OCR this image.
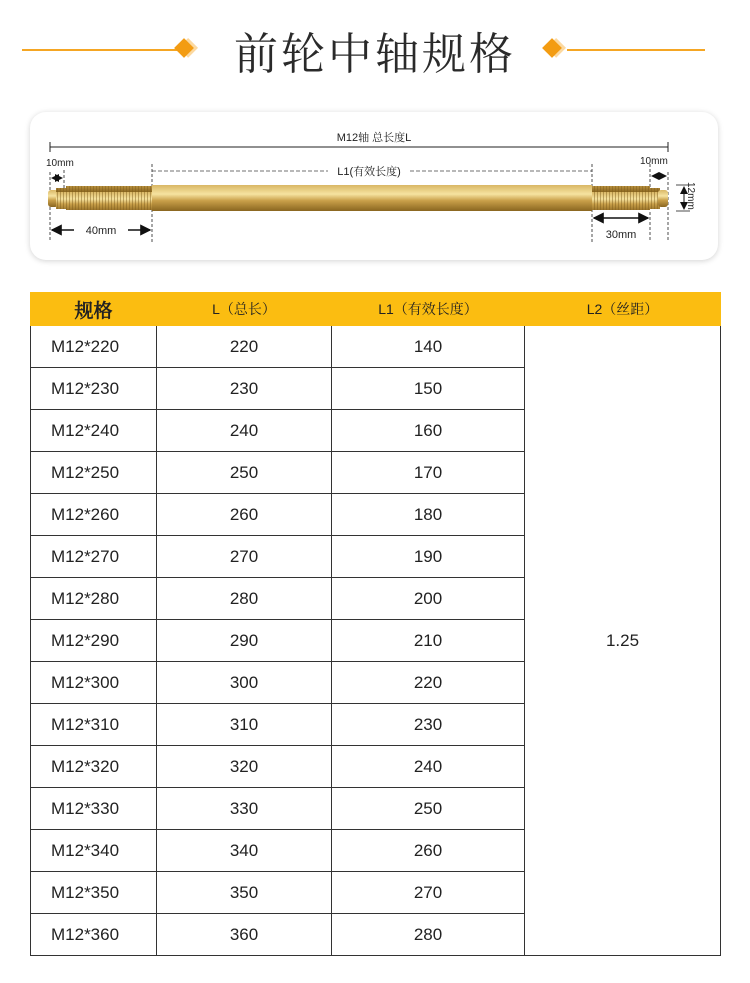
前轮中轴规格
M12轴 总长度L
L1(有效长度)
10mm	10mm
12mm
40mm	30mm
规格	L（总长）	L1（有效长度）	L2（丝距）
M12*220	220	140	1.25
M12*230	230	150	
M12*240	240	160	
M12*250	250	170	
M12*260	260	180	
M12*270	270	190	
M12*280	280	200	
M12*290	290	210	
M12*300	300	220	
M12*310	310	230	
M12*320	320	240	
M12*330	330	250	
M12*340	340	260	
M12*350	350	270	
M12*360	360	280	
